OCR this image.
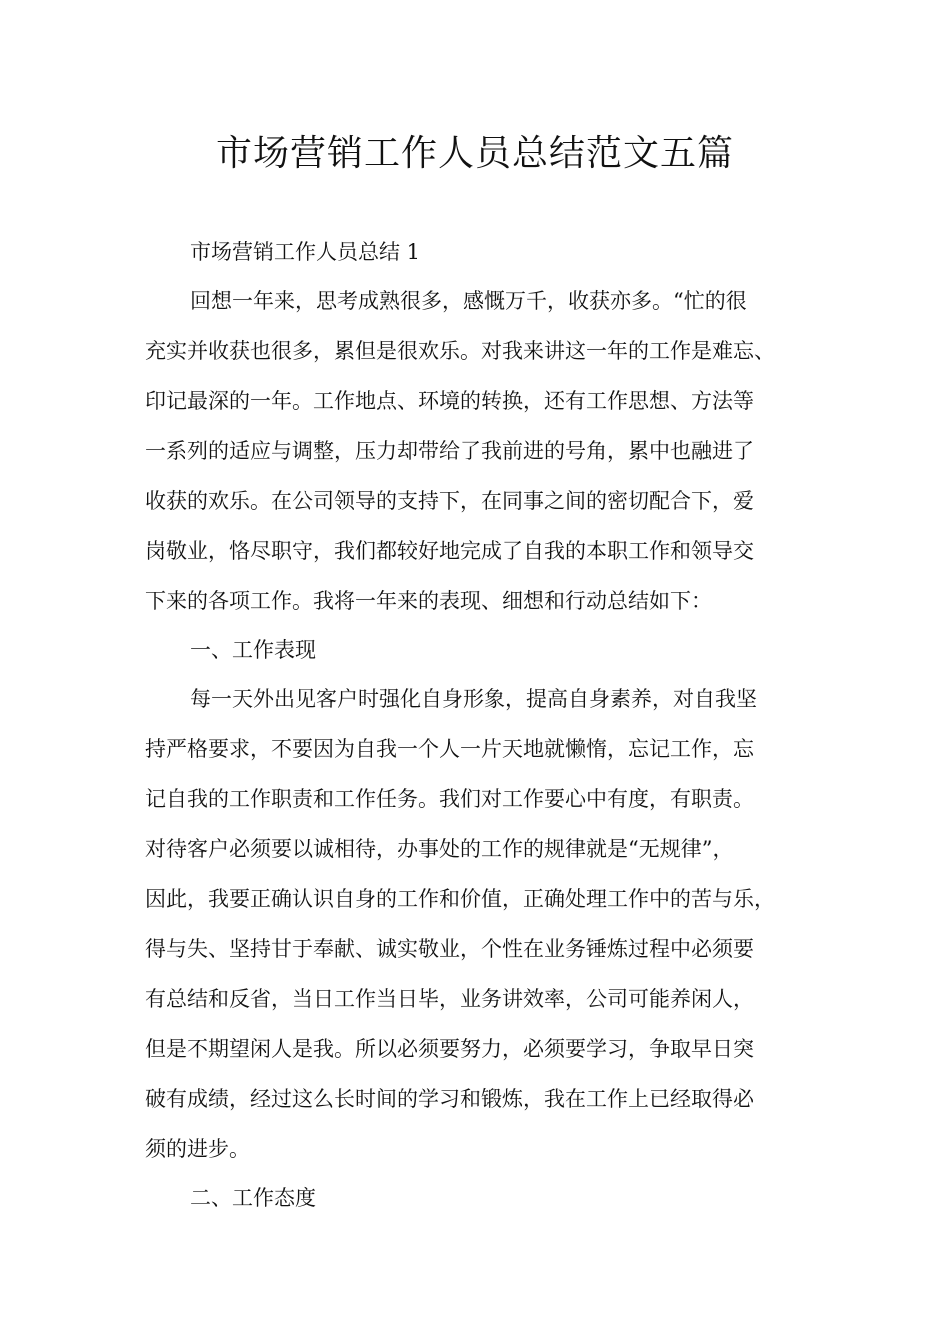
市场营销工作人员总结范文五篇
市场营销工作人员总结 1
回想一年来，思考成熟很多，感慨万千，收获亦多。“忙的很
充实并收获也很多，累但是很欢乐。对我来讲这一年的工作是难忘、
印记最深的一年。工作地点、环境的转换，还有工作思想、方法等
一系列的适应与调整，压力却带给了我前进的号角，累中也融进了
收获的欢乐。在公司领导的支持下，在同事之间的密切配合下，爱
岗敬业，恪尽职守，我们都较好地完成了自我的本职工作和领导交
下来的各项工作。我将一年来的表现、细想和行动总结如下：
一、工作表现
每一天外出见客户时强化自身形象，提高自身素养，对自我坚
持严格要求，不要因为自我一个人一片天地就懒惰，忘记工作，忘
记自我的工作职责和工作任务。我们对工作要心中有度，有职责。
对待客户必须要以诚相待，办事处的工作的规律就是“无规律”，
因此，我要正确认识自身的工作和价值，正确处理工作中的苦与乐，
得与失、坚持甘于奉献、诚实敬业，个性在业务锤炼过程中必须要
有总结和反省，当日工作当日毕，业务讲效率，公司可能养闲人，
但是不期望闲人是我。所以必须要努力，必须要学习，争取早日突
破有成绩，经过这么长时间的学习和锻炼，我在工作上已经取得必
须的进步。
二、工作态度
